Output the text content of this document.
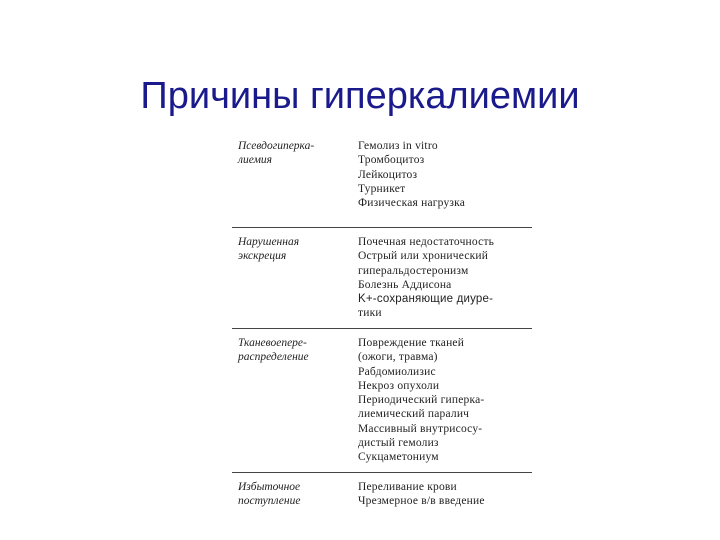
Причины гиперкалиемии
Псевдогиперка-лиемия
Гемолиз in vitro
Тромбоцитоз
Лейкоцитоз
Турникет
Физическая нагрузка
Нарушенная экскреция
Почечная недостаточность
Острый или хронический
гиперальдостеронизм
Болезнь Аддисона
K+-сохраняющие диуре-
тики
Тканевоепере-распределение
Повреждение тканей
(ожоги, травма)
Рабдомиолизис
Некроз опухоли
Периодический гиперка-
лиемический паралич
Массивный внутрисосу-
дистый гемолиз
Сукцаметониум
Избыточное поступление
Переливание крови
Чрезмерное в/в введение
